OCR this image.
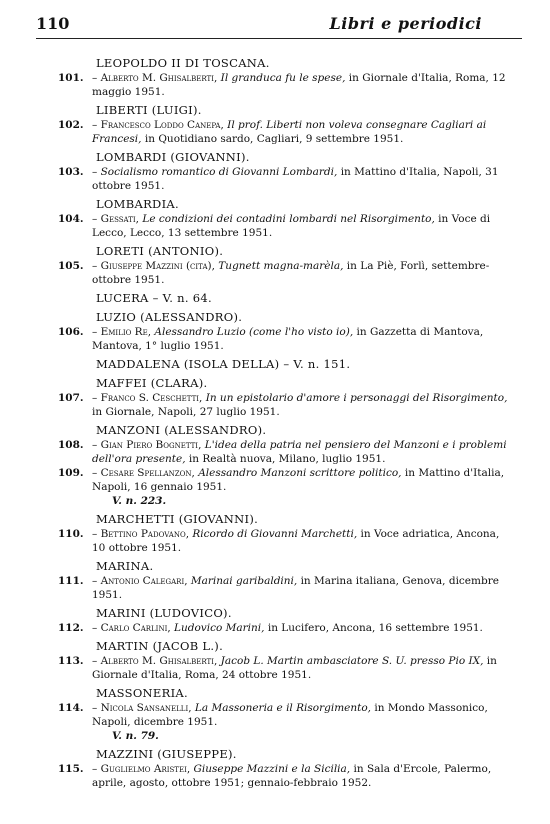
110	Libri e periodici
LEOPOLDO II DI TOSCANA.
101. – Alberto M. Ghisalberti, Il granduca fu le spese, in Giornale d'Italia, Roma, 12 maggio 1951.
LIBERTI (LUIGI).
102. – Francesco Loddo Canepa, Il prof. Liberti non voleva consegnare Cagliari ai Francesi, in Quotidiano sardo, Cagliari, 9 settembre 1951.
LOMBARDI (GIOVANNI).
103. – Socialismo romantico di Giovanni Lombardi, in Mattino d'Italia, Napoli, 31 ottobre 1951.
LOMBARDIA.
104. – Gessati, Le condizioni dei contadini lombardi nel Risorgimento, in Voce di Lecco, Lecco, 13 settembre 1951.
LORETI (ANTONIO).
105. – Giuseppe Mazzini (cita), Tugnett magna-marèla, in La Piè, Forlì, settembre-ottobre 1951.
LUCERA – V. n. 64.
LUZIO (ALESSANDRO).
106. – Emilio Re, Alessandro Luzio (come l'ho visto io), in Gazzetta di Mantova, Mantova, 1° luglio 1951.
MADDALENA (ISOLA DELLA) – V. n. 151.
MAFFEI (CLARA).
107. – Franco S. Ceschetti, In un epistolario d'amore i personaggi del Risorgimento, in Giornale, Napoli, 27 luglio 1951.
MANZONI (ALESSANDRO).
108. – Gian Piero Bognetti, L'idea della patria nel pensiero del Manzoni e i problemi dell'ora presente, in Realtà nuova, Milano, luglio 1951.
109. – Cesare Spellanzon, Alessandro Manzoni scrittore politico, in Mattino d'Italia, Napoli, 16 gennaio 1951.
V. n. 223.
MARCHETTI (GIOVANNI).
110. – Bettino Padovano, Ricordo di Giovanni Marchetti, in Voce adriatica, Ancona, 10 ottobre 1951.
MARINA.
111. – Antonio Calegari, Marinai garibaldini, in Marina italiana, Genova, dicembre 1951.
MARINI (LUDOVICO).
112. – Carlo Carlini, Ludovico Marini, in Lucifero, Ancona, 16 settembre 1951.
MARTIN (JACOB L.).
113. – Alberto M. Ghisalberti, Jacob L. Martin ambasciatore S. U. presso Pio IX, in Giornale d'Italia, Roma, 24 ottobre 1951.
MASSONERIA.
114. – Nicola Sansanelli, La Massoneria e il Risorgimento, in Mondo Massonico, Napoli, dicembre 1951.
V. n. 79.
MAZZINI (GIUSEPPE).
115. – Guglielmo Aristei, Giuseppe Mazzini e la Sicilia, in Sala d'Ercole, Palermo, aprile, agosto, ottobre 1951; gennaio-febbraio 1952.
